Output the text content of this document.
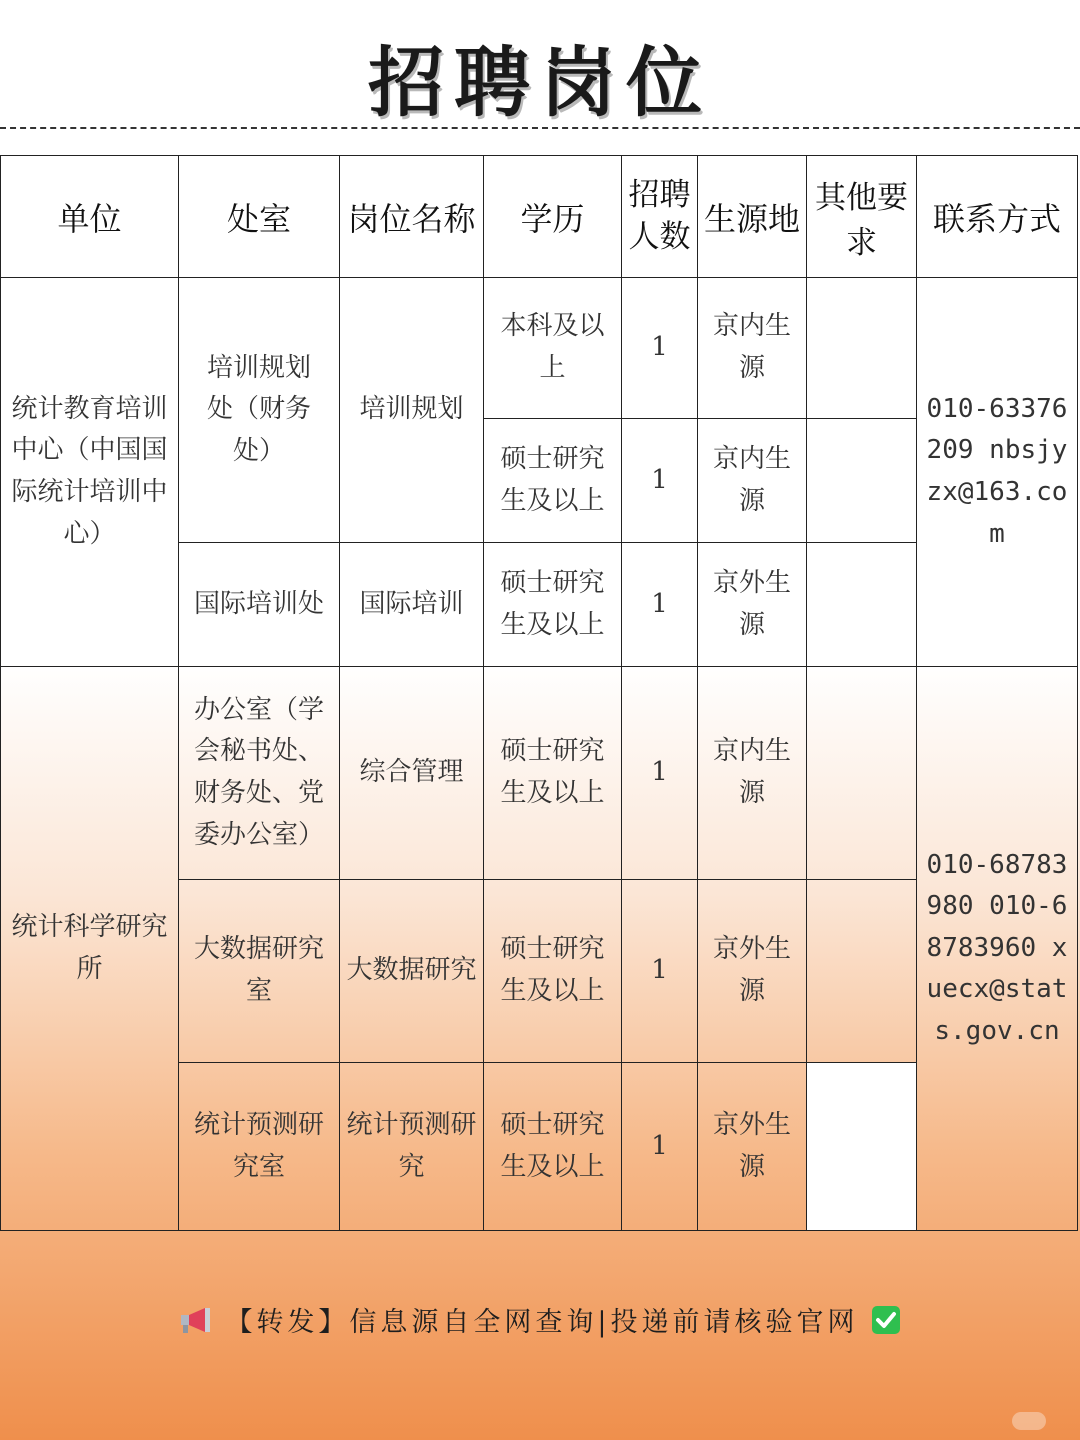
招聘岗位
单位	处室	岗位名称	学历	招聘人数	生源地	其他要求	联系方式
统计教育培训中心（中国国际统计培训中心）	培训规划处（财务处）	培训规划	本科及以上	1	京内生源		010-63376209 nbsjyzx@163.com
			硕士研究生及以上	1	京内生源		
	国际培训处	国际培训	硕士研究生及以上	1	京外生源		
统计科学研究所	办公室（学会秘书处、财务处、党委办公室）	综合管理	硕士研究生及以上	1	京内生源		010-68783980 010-68783960 xuecx@stats.gov.cn
	大数据研究室	大数据研究	硕士研究生及以上	1	京外生源		
	统计预测研究室	统计预测研究	硕士研究生及以上	1	京外生源		
【转发】信息源自全网查询|投递前请核验官网
